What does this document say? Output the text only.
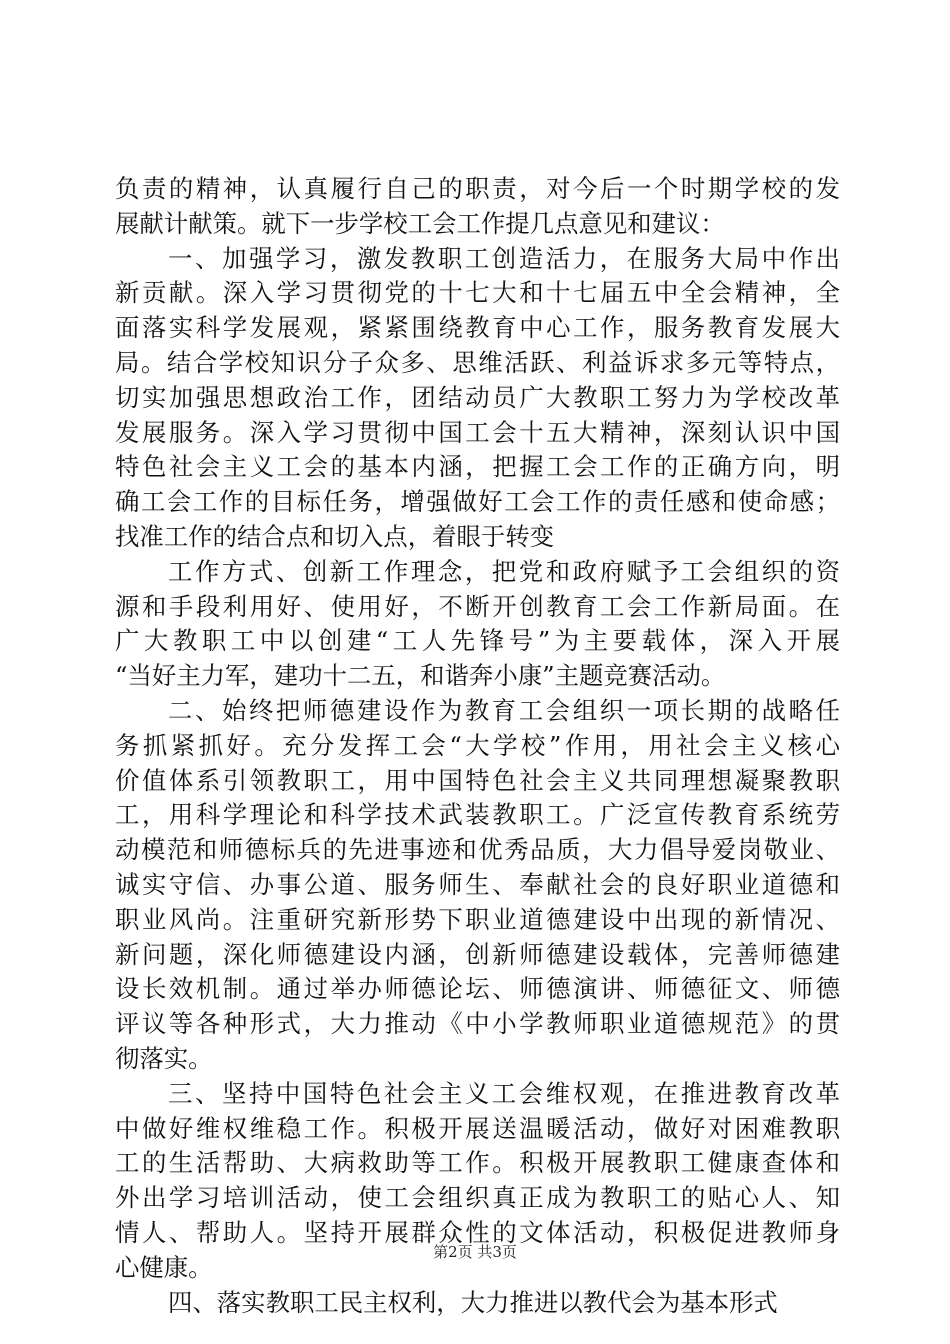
负责的精神，认真履行自己的职责，对今后一个时期学校的发
展献计献策。就下一步学校工会工作提几点意见和建议：
一、加强学习，激发教职工创造活力，在服务大局中作出
新贡献。深入学习贯彻党的十七大和十七届五中全会精神，全
面落实科学发展观，紧紧围绕教育中心工作，服务教育发展大
局。结合学校知识分子众多、思维活跃、利益诉求多元等特点，
切实加强思想政治工作，团结动员广大教职工努力为学校改革
发展服务。深入学习贯彻中国工会十五大精神，深刻认识中国
特色社会主义工会的基本内涵，把握工会工作的正确方向，明
确工会工作的目标任务，增强做好工会工作的责任感和使命感；
找准工作的结合点和切入点，着眼于转变
工作方式、创新工作理念，把党和政府赋予工会组织的资
源和手段利用好、使用好，不断开创教育工会工作新局面。在
广大教职工中以创建“工人先锋号”为主要载体，深入开展
“当好主力军，建功十二五，和谐奔小康”主题竞赛活动。
二、始终把师德建设作为教育工会组织一项长期的战略任
务抓紧抓好。充分发挥工会“大学校”作用，用社会主义核心
价值体系引领教职工，用中国特色社会主义共同理想凝聚教职
工，用科学理论和科学技术武装教职工。广泛宣传教育系统劳
动模范和师德标兵的先进事迹和优秀品质，大力倡导爱岗敬业、
诚实守信、办事公道、服务师生、奉献社会的良好职业道德和
职业风尚。注重研究新形势下职业道德建设中出现的新情况、
新问题，深化师德建设内涵，创新师德建设载体，完善师德建
设长效机制。通过举办师德论坛、师德演讲、师德征文、师德
评议等各种形式，大力推动《中小学教师职业道德规范》的贯
彻落实。
三、坚持中国特色社会主义工会维权观，在推进教育改革
中做好维权维稳工作。积极开展送温暖活动，做好对困难教职
工的生活帮助、大病救助等工作。积极开展教职工健康查体和
外出学习培训活动，使工会组织真正成为教职工的贴心人、知
情人、帮助人。坚持开展群众性的文体活动，积极促进教师身
心健康。
四、落实教职工民主权利，大力推进以教代会为基本形式
第2页 共3页
